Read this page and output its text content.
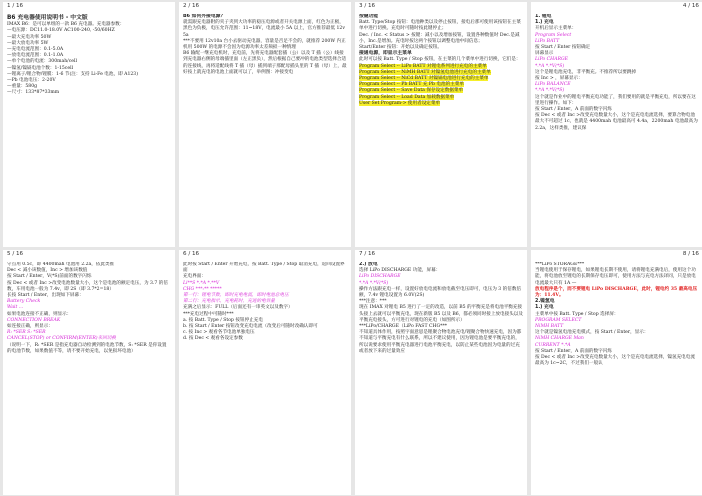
1 / 16

B6 充电器使用说明书 - 中文版

IMAX B6：是可以单组的一款 B6 充电器。充电器参数：

—电压源：DC11.0-18.0V AC100-240, -50/60HZ

—最大充电功率 50W

—最大放电功率 5W

—充电电流范围：0.1-5.0A

—放电电流范围：0.1-1.0A

—单个电池的电流：300mah/cell

—镍氢/镍镉电池个数：1-15cell

—锂离子/锂合物/锂膜：1-6 节(注：支持 Li-Fe 电池，即 A123)

—Pb 电池电压：2-20V

—重量：580g

—尺寸：133*87*33mm

2 / 16

B6 如何外接电源？

就需跟充电器附的夹子夹到大功率的稳压电源或者开关电源上面，红色为正极，黑色为负极，电压允许范围：11~18V，电流最小 5A 以上，官方推荐最低 12v5a

***不要用 12v10a 台小去驱动充电器，容量是否足不会的，就推荐 200W 内正机用 500W 的电源不会因为电源功率太差频损一种情理

B6 输配一继充电机时，充电前，先将充电器配套插（公）以及 T 插（公）线接到充电器右侧的母端插里面（左正黑负），然后根据自己要冲的电池类型选择合适的连接线，再将适配线将 T 插（母）插到端子那配母插头里的 T 插（母）上，最好按上就充电的电池上面就可以了，举例图：冲接变电

3 / 16

按键功能

Batt. Type/Stop 按钮：电池种类以及停止按钮，接电后那可使用该按钮在主菜单中进行切换。充电时可随时按此键停止；

Dec. / Inc. < Status > 按键：减小以及增加按钮，设置各种数值时 Dec.是减小，Inc.是增加。充电时按这两个按钮以调整电池中间信息；

Start/Enter 按钮：开始以及确定按钮。

接通电源，即显示主菜单

此时可以按 Batt. Type / Stop 按钮，在主菜的几个菜单中进行切换，它们是：

Program Select -- LiPo BATT 对锂电系列进行充电的主菜单

Program Select -- NiMH BATT 对镍氢电池进行充电的主菜单

Program Select -- NiCd BATT 对镍镉电池进行充电的主菜单

Program Select -- Pb BATT 充 Pb 电池的主菜单

Program Select -- Save Data 保存设定数据菜单

Program Select -- Load Data 加载数据菜单

User Set Program-> 使用者设定菜单

4 / 16

1. 锂电

1.) 充电

开机后显示主菜单：

Program Select

LiPo BATT

按 Start / Enter 按钮确定

屏幕显示

LiPo CHARGE

*.*A *.*V(*S)

这个是锂电池充电，非平衡充。不推荐所以要跳掉

按 Inc > ，屏幕显示：

LiPo BALANCE

*.*A *.*V(*S)

这个就是作业中的锂电平衡充电功能了，我们要用的就是平衡充电，所以要在这里进行操作。如下：

按 Start / Enter，A 前面的数字闪烁

按 Dec < 或者 Inc >改变充电数量大小，这个是充电电流选择，要算合物电池最大不可超过 1c，也就是 4400mah 电池最高可 4.4a，2200mah 电池最高为 2.2a，这样类推，建议保

5 / 16

守点用 0.5c，即 4400mah 电池用 2.2a，依此类推

Dec < 减小该数值，Inc > 增加该数值

按 Start / Enter，V(*S)前面的数字闪烁

按 Dec < 或者 Inc >改变电池数量大小，这个是电池的额定电压，为 3.7 的倍数，车用电池一般为 7.4v，即 2S（即 3.7*2=18）

长按 Start / Enter，出现如下屏幕：

Battery Check

Wait ...

如果电池连接不正确，则显示：

CONNECTION BREAK

如连接正确，则显示：

R: *SER S: *SER

CANCEL(STOP) or CONFIRM(ENTER)来回切换

（说明一下，R: *SER 是指充电器自动检测到的电池节数，S: *SER 是你设置的电池节数，如果数值不等，请不要开始充电，以免损坏电池）

6 / 16

此时按 Start / Enter 开始充电，按 Batt. Type / Stop 取消充电，返回设置界面

充电界面：

Li**S *.*A *.**V

CHG ***:** *****

第一行：锂电节数，即时充电电流，即时电池总电压

第二行：充电指示，充电耗时，充进的电容量

充满之后显示：FULL（后面还有一串英文以及数字）

***充电过程中可随时***

a. 按 Batt. Type / Stop 按钮停止充电

b. 按 Start / Enter 按钮改变充电电流（改变后可随时改确认即可

c. 按 Inc > 观看各节电池单独电压

d. 按 Dec < 观看各设定参数

7 / 16

2.) 放电

选择 LiPo DISCHARGE 功能，屏幕：

LiPo DISCHARGE

*.*A *.*V(*S)

操作方法跟充电一样，设置好放电电流和放电截至电压即可，电压为 3 的倍数倍额，7.4v 锂电设置为 6.0V(2S)

***注意：***

现在 IMAX 对锂电 B5 进行了一定的改造，以前 B5 的平衡充是将电池平衡充接头接上去就可以平衡充电，现在新版 B5 以及 B6，都必须同时接上放电接头以及平衡充电接头，方可进行对锂电的充电（如图所示）

***LiPo/CHARGE（LiPo FAST CHG***

不知道具体作用，按照字面意思是锂聚合物电池充电/锂聚合物快速充电，因为都不知道与平衡充电有什么联系，所以不建议使用，因为锂电池是要平衡充电的，所以说要求使用平衡充电器进行电池平衡充电，以防止某些电池因为电量的过充或者放下来的过量效应

8 / 16

***LiPo STORAGE***

当锂电使用于保存锂电，如果锂电长期不使用，请将锂电充满电后，使用这个功能，将电池放至锂电的长期保存电压即可，使用方法与充电方法译同，只是放电电流最大只有 1A —

放电程序是个，而不要锂电 LiPo DISCHARGE，此时，锂电约 35 最高电压为：11.4V。

2.镍氢电

1.) 充电

主菜单中按 Batt. Type / Stop 选择屏：

PROGRAM SELECT

NiMH BATT

这个就是镍氢电池充电模式，按 Start / Enter，显示：

NiMH CHARGE Man

CURRENT *.*A

按 Start / Enter，A 前面的数字闪烁

按 Dec < 或者 Inc >改变充电数量大小，这个是充电电流选择，镍氢充电电流最高为 1c~2C，不过我们一般认
